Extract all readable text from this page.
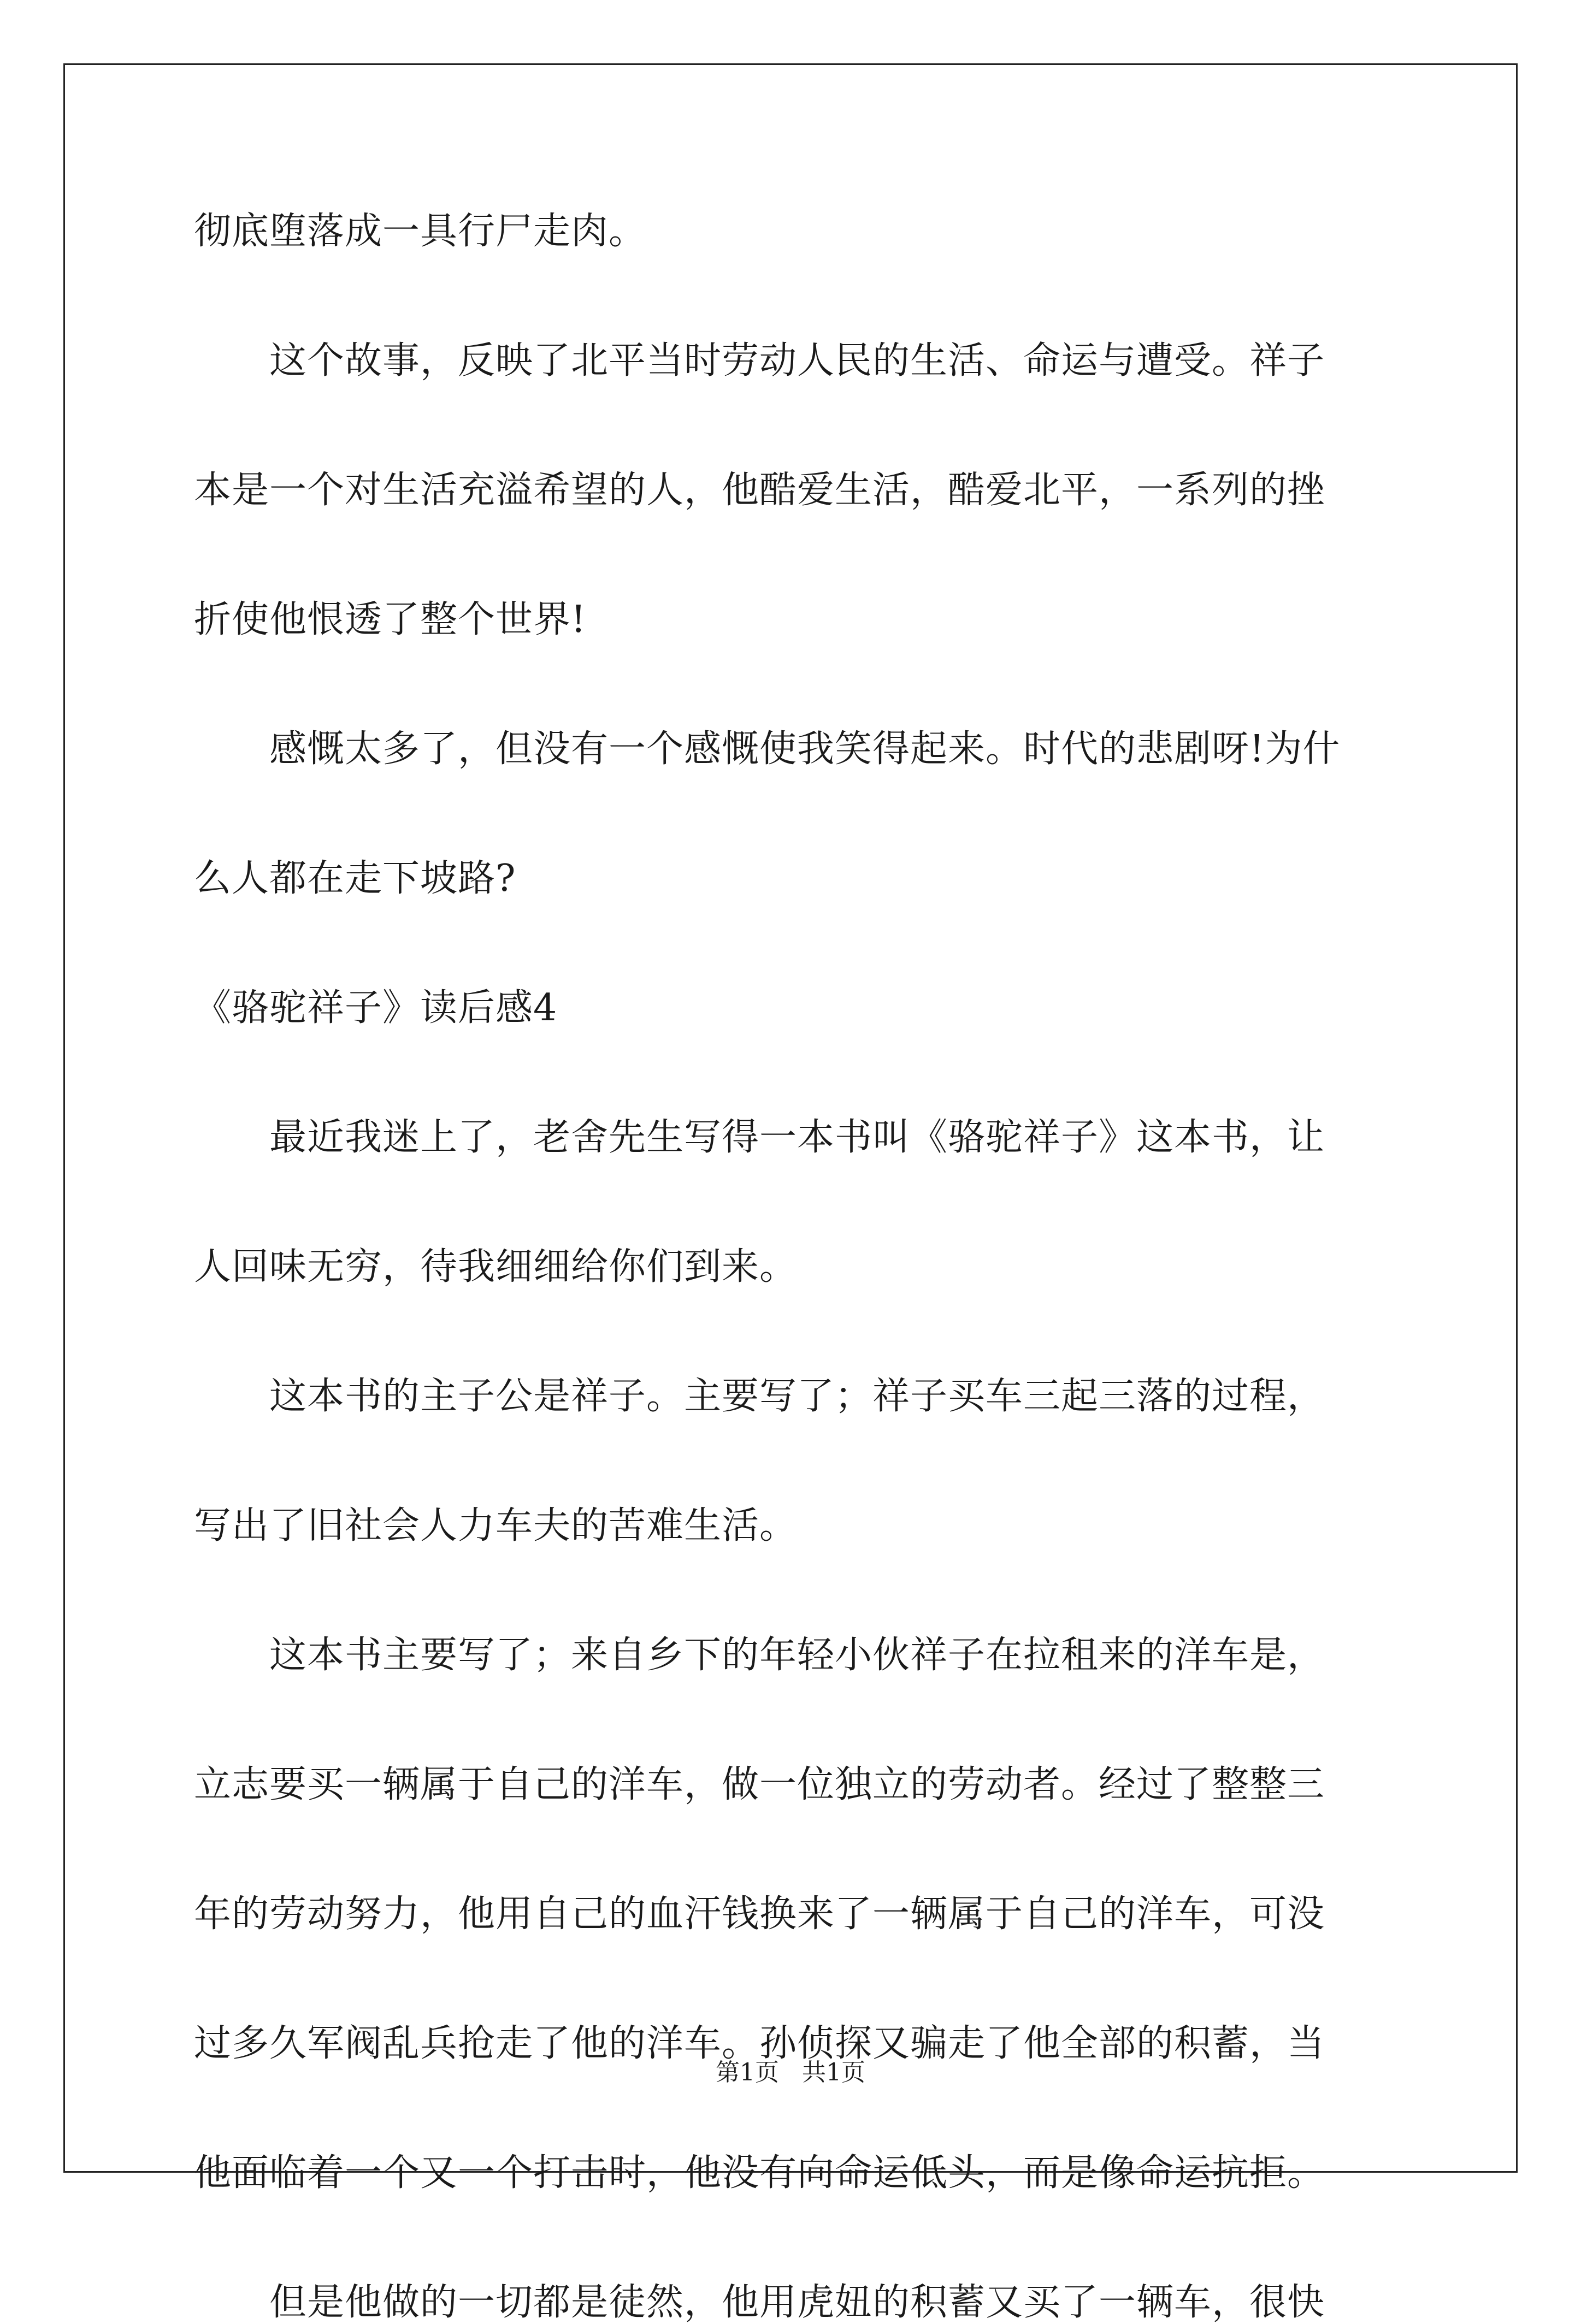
彻底堕落成一具行尸走肉。

　　这个故事，反映了北平当时劳动人民的生活、命运与遭受。祥子

本是一个对生活充溢希望的人，他酷爱生活，酷爱北平，一系列的挫

折使他恨透了整个世界!

　　感慨太多了，但没有一个感慨使我笑得起来。时代的悲剧呀!为什

么人都在走下坡路?

《骆驼祥子》读后感4

　　最近我迷上了，老舍先生写得一本书叫《骆驼祥子》这本书，让

人回味无穷，待我细细给你们到来。

　　这本书的主子公是祥子。主要写了；祥子买车三起三落的过程，

写出了旧社会人力车夫的苦难生活。

　　这本书主要写了；来自乡下的年轻小伙祥子在拉租来的洋车是，

立志要买一辆属于自己的洋车，做一位独立的劳动者。经过了整整三

年的劳动努力，他用自己的血汗钱换来了一辆属于自己的洋车，可没

过多久军阀乱兵抢走了他的洋车。孙侦探又骗走了他全部的积蓄，当

他面临着一个又一个打击时，他没有向命运低头，而是像命运抗拒。

　　但是他做的一切都是徒然，他用虎妞的积蓄又买了一辆车，很快

第1页 共1页
